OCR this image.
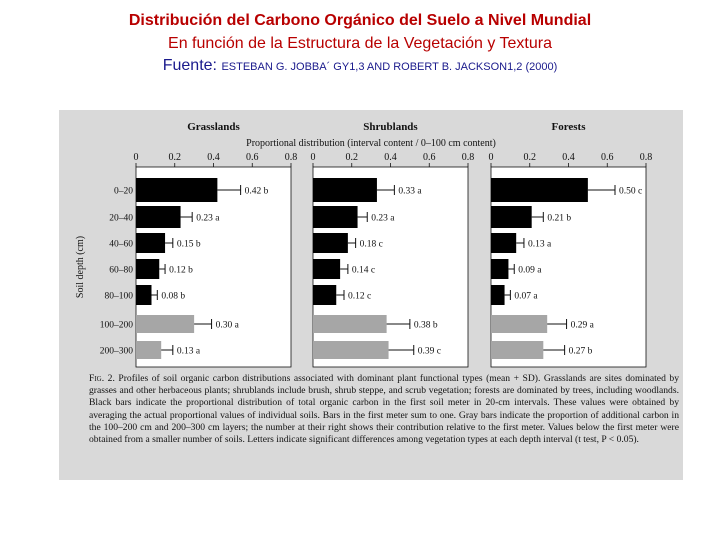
Distribución del Carbono Orgánico del Suelo a Nivel Mundial
En función de la Estructura de la Vegetación y Textura
Fuente: ESTEBAN G. JOBBA´ GY1,3 AND ROBERT B. JACKSON1,2 (2000)
Proportional distribution (interval content / 0–100 cm content)
Soil depth (cm)
0–20
20–40
40–60
60–80
80–100
100–200
200–300
Grasslands
0	0.2	0.4	0.6	0.8
0.42 b
0.23 a
0.15 b
0.12 b
0.08 b
0.30 a
0.13 a
Shrublands
0	0.2	0.4	0.6	0.8
0.33 a
0.23 a
0.18 c
0.14 c
0.12 c
0.38 b
0.39 c
Forests
0	0.2	0.4	0.6	0.8
0.50 c
0.21 b
0.13 a
0.09 a
0.07 a
0.29 a
0.27 b
Fig. 2. Profiles of soil organic carbon distributions associated with dominant plant functional types (mean + SD). Grasslands are sites dominated by grasses and other herbaceous plants; shrublands include brush, shrub steppe, and scrub vegetation; forests are dominated by trees, including woodlands. Black bars indicate the proportional distribution of total organic carbon in the first soil meter in 20-cm intervals. These values were obtained by averaging the actual proportional values of individual soils. Bars in the first meter sum to one. Gray bars indicate the proportion of additional carbon in the 100–200 cm and 200–300 cm layers; the number at their right shows their contribution relative to the first meter. Values below the first meter were obtained from a smaller number of soils. Letters indicate significant differences among vegetation types at each depth interval (t test, P < 0.05).
